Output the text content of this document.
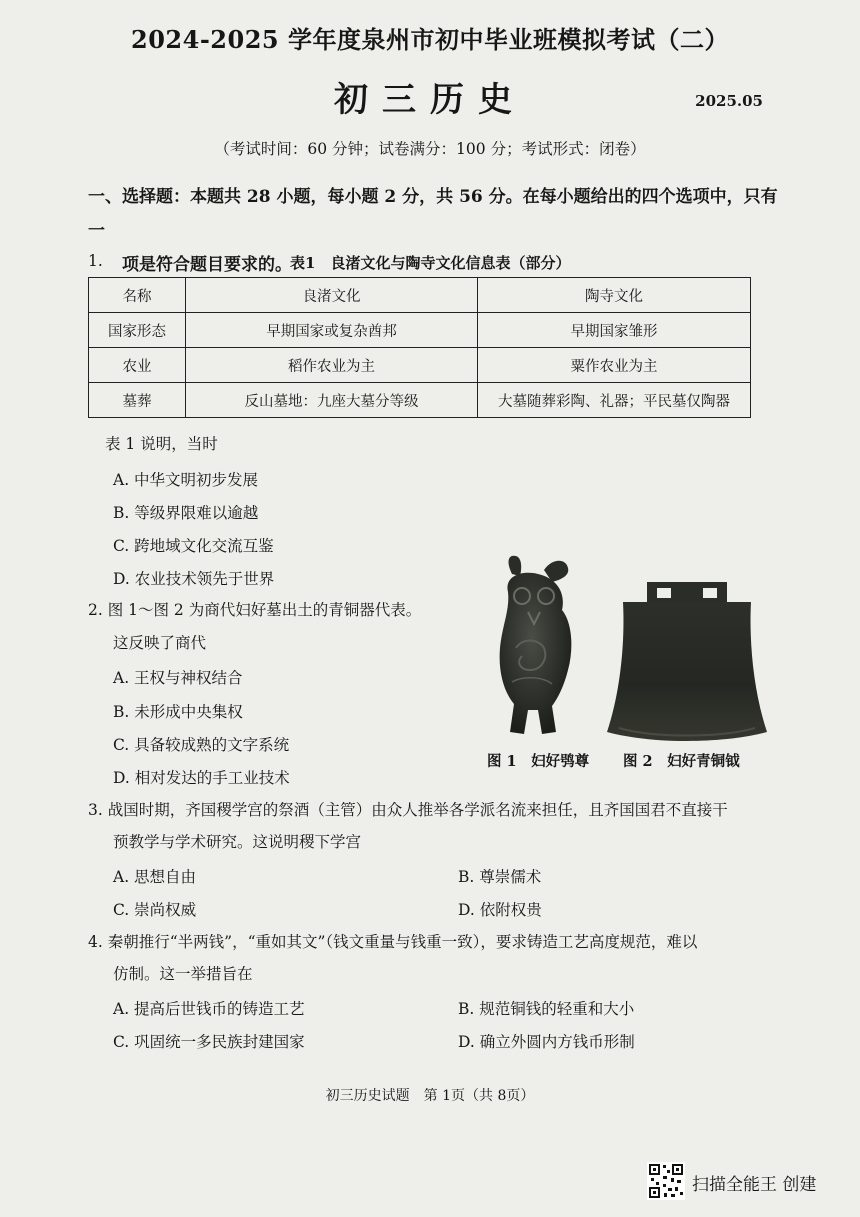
2024-2025 学年度泉州市初中毕业班模拟考试（二）
初三历史	2025.05
（考试时间：60 分钟；试卷满分：100 分；考试形式：闭卷）
一、选择题：本题共 28 小题，每小题 2 分，共 56 分。在每小题给出的四个选项中，只有一
项是符合题目要求的。
1.	表1　良渚文化与陶寺文化信息表（部分）
名称	良渚文化	陶寺文化
国家形态	早期国家或复杂酋邦	早期国家雏形
农业	稻作农业为主	粟作农业为主
墓葬	反山墓地：九座大墓分等级	大墓随葬彩陶、礼器；平民墓仅陶器
表 1 说明，当时
A. 中华文明初步发展
B. 等级界限难以逾越
C. 跨地域文化交流互鉴
D. 农业技术领先于世界
2. 图 1～图 2 为商代妇好墓出土的青铜器代表。
这反映了商代
A. 王权与神权结合
B. 未形成中央集权
C. 具备较成熟的文字系统
D. 相对发达的手工业技术
图 1　妇好鸮尊 图 2　妇好青铜钺
3. 战国时期，齐国稷学宫的祭酒（主管）由众人推举各学派名流来担任，且齐国国君不直接干
预教学与学术研究。这说明稷下学宫
A. 思想自由	B. 尊崇儒术
C. 崇尚权威	D. 依附权贵
4. 秦朝推行“半两钱”，“重如其文”（钱文重量与钱重一致），要求铸造工艺高度规范，难以
仿制。这一举措旨在
A. 提高后世钱币的铸造工艺	B. 规范铜钱的轻重和大小
C. 巩固统一多民族封建国家	D. 确立外圆内方钱币形制
初三历史试题　第 1页（共 8页）
扫描全能王 创建
